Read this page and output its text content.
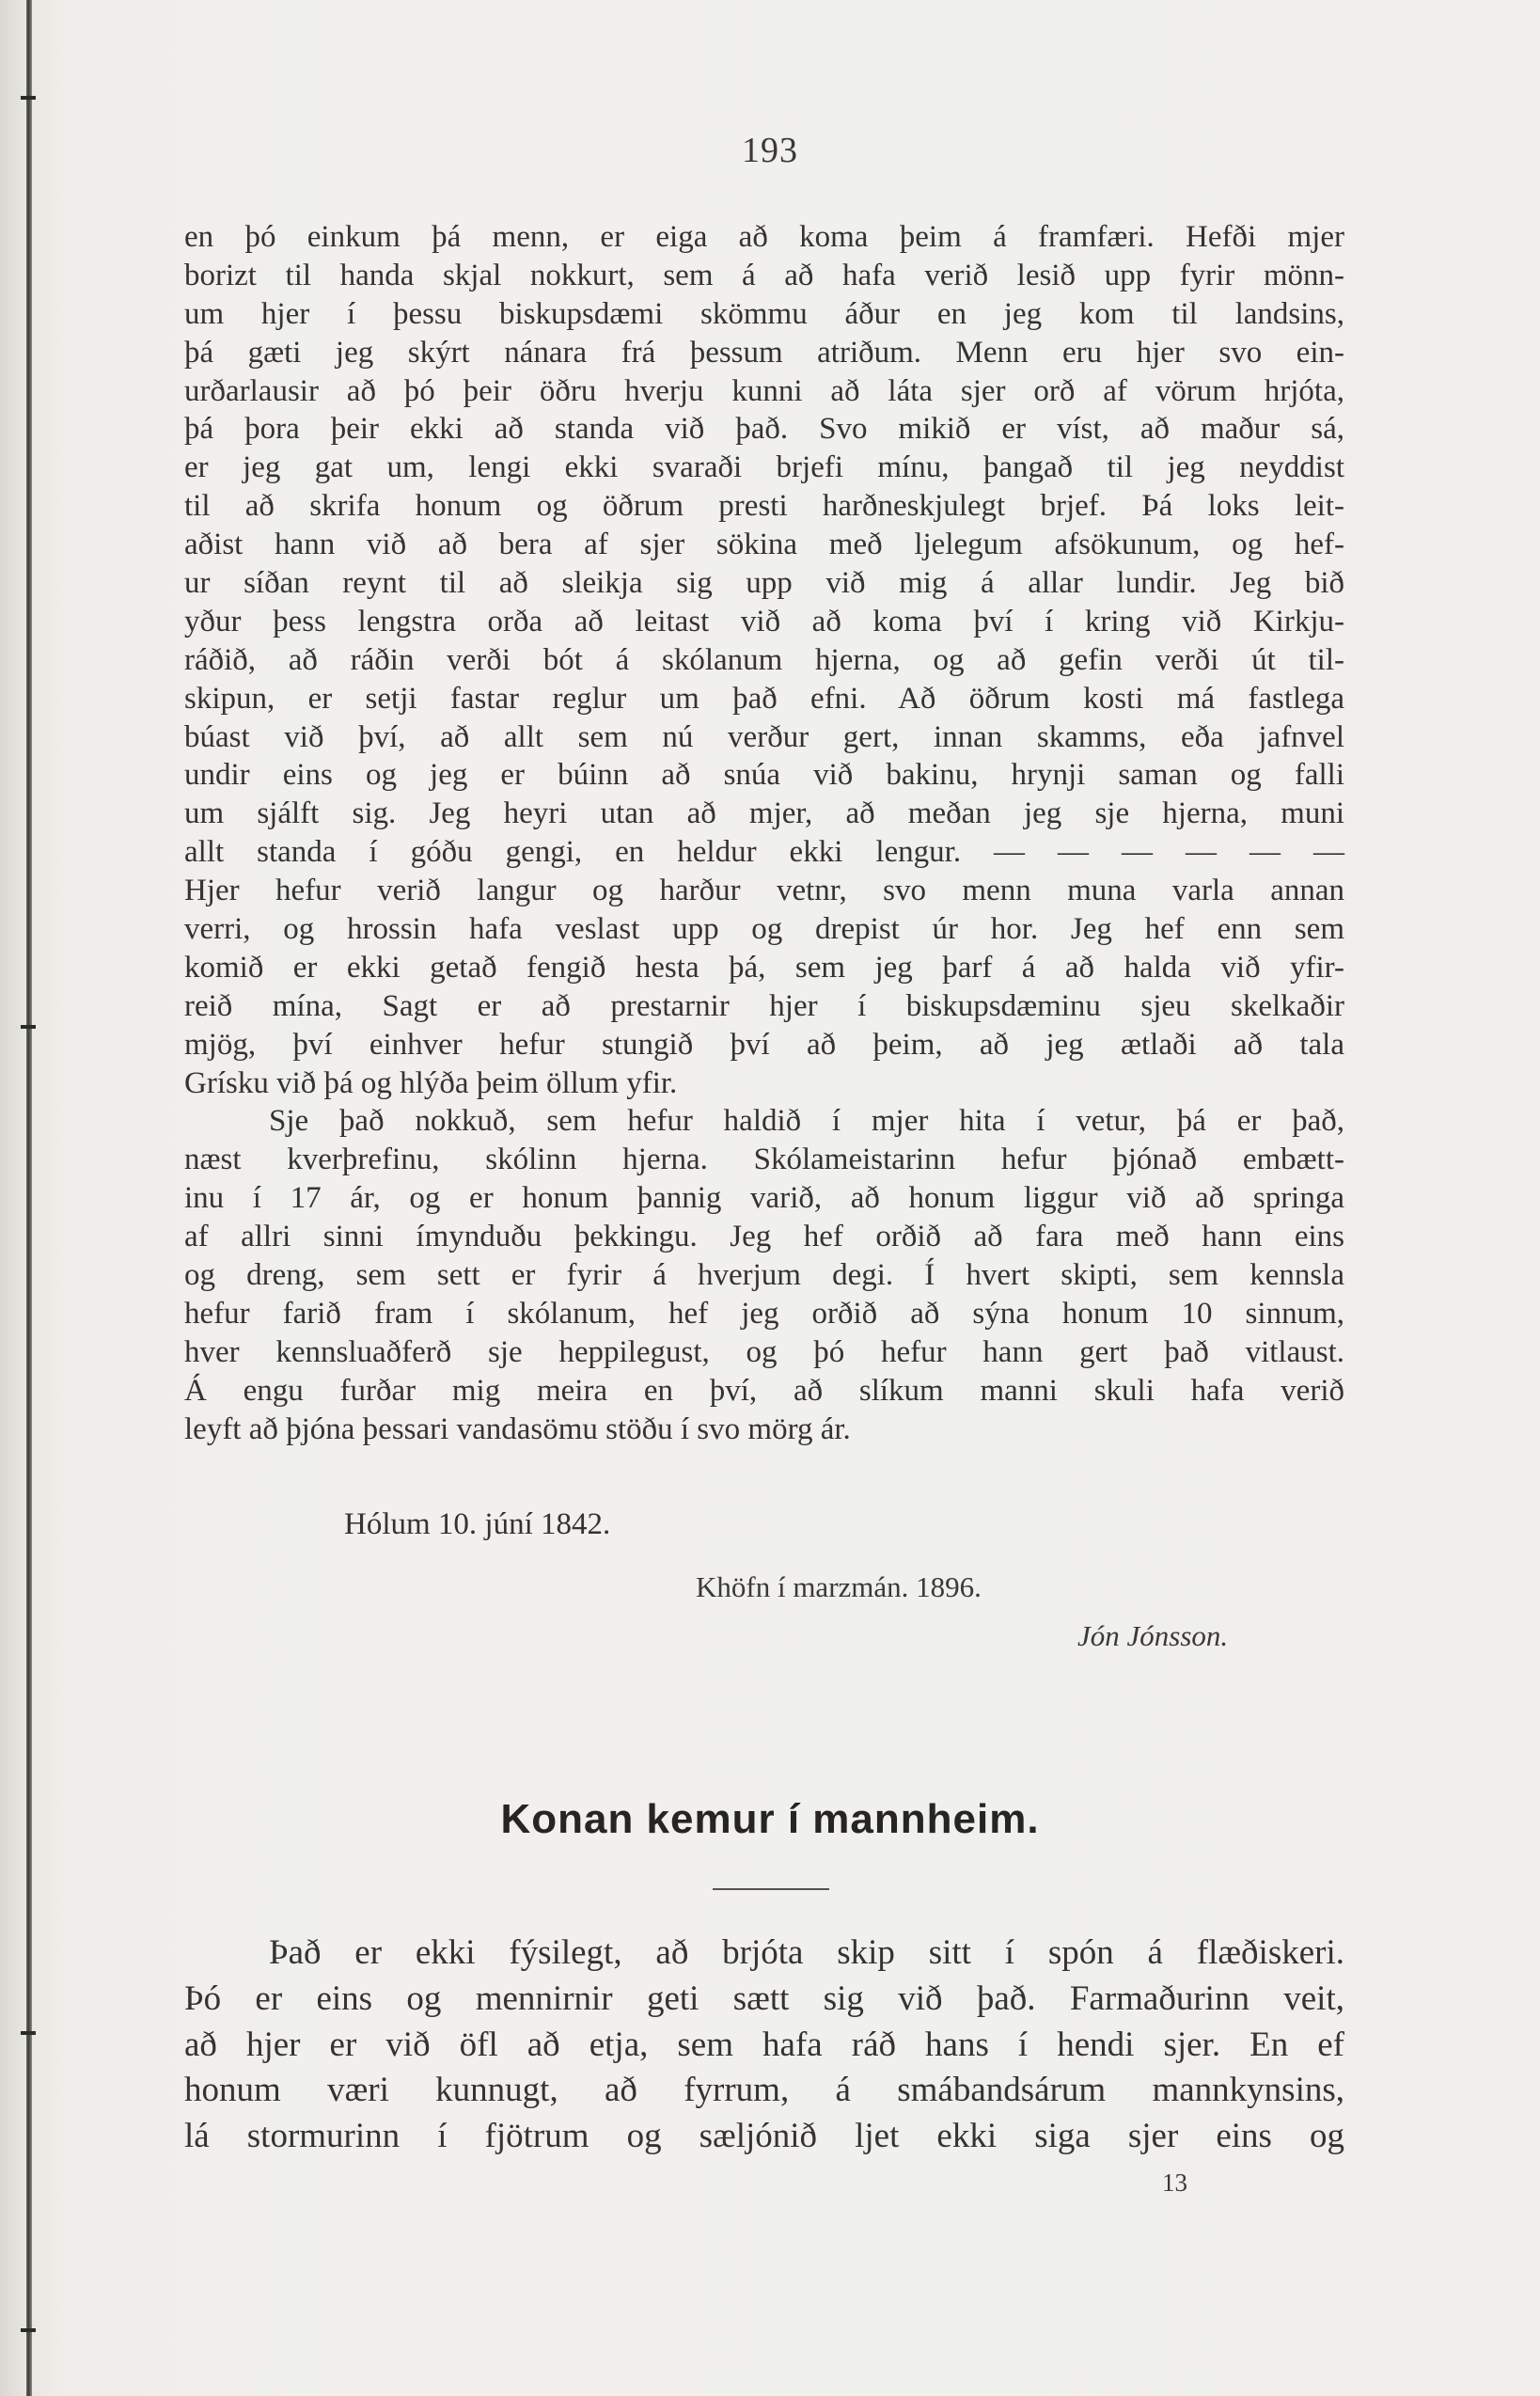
193
en þó einkum þá menn, er eiga að koma þeim á framfæri. Hefði mjer
borizt til handa skjal nokkurt, sem á að hafa verið lesið upp fyrir mönn-
um hjer í þessu biskupsdæmi skömmu áður en jeg kom til landsins,
þá gæti jeg skýrt nánara frá þessum atriðum. Menn eru hjer svo ein-
urðarlausir að þó þeir öðru hverju kunni að láta sjer orð af vörum hrjóta,
þá þora þeir ekki að standa við það. Svo mikið er víst, að maður sá,
er jeg gat um, lengi ekki svaraði brjefi mínu, þangað til jeg neyddist
til að skrifa honum og öðrum presti harðneskjulegt brjef. Þá loks leit-
aðist hann við að bera af sjer sökina með ljelegum afsökunum, og hef-
ur síðan reynt til að sleikja sig upp við mig á allar lundir. Jeg bið
yður þess lengstra orða að leitast við að koma því í kring við Kirkju-
ráðið, að ráðin verði bót á skólanum hjerna, og að gefin verði út til-
skipun, er setji fastar reglur um það efni. Að öðrum kosti má fastlega
búast við því, að allt sem nú verður gert, innan skamms, eða jafnvel
undir eins og jeg er búinn að snúa við bakinu, hrynji saman og falli
um sjálft sig. Jeg heyri utan að mjer, að meðan jeg sje hjerna, muni
allt standa í góðu gengi, en heldur ekki lengur. — — — — — —
Hjer hefur verið langur og harður vetnr, svo menn muna varla annan
verri, og hrossin hafa veslast upp og drepist úr hor. Jeg hef enn sem
komið er ekki getað fengið hesta þá, sem jeg þarf á að halda við yfir-
reið mína, Sagt er að prestarnir hjer í biskupsdæminu sjeu skelkaðir
mjög, því einhver hefur stungið því að þeim, að jeg ætlaði að tala
Grísku við þá og hlýða þeim öllum yfir.
Sje það nokkuð, sem hefur haldið í mjer hita í vetur, þá er það,
næst kverþrefinu, skólinn hjerna. Skólameistarinn hefur þjónað embætt-
inu í 17 ár, og er honum þannig varið, að honum liggur við að springa
af allri sinni ímynduðu þekkingu. Jeg hef orðið að fara með hann eins
og dreng, sem sett er fyrir á hverjum degi. Í hvert skipti, sem kennsla
hefur farið fram í skólanum, hef jeg orðið að sýna honum 10 sinnum,
hver kennsluaðferð sje heppilegust, og þó hefur hann gert það vitlaust.
Á engu furðar mig meira en því, að slíkum manni skuli hafa verið
leyft að þjóna þessari vandasömu stöðu í svo mörg ár.
Hólum 10. júní 1842.
Khöfn í marzmán. 1896.
Jón Jónsson.
Konan kemur í mannheim.
Það er ekki fýsilegt, að brjóta skip sitt í spón á flæðiskeri.
Þó er eins og mennirnir geti sætt sig við það. Farmaðurinn veit,
að hjer er við öfl að etja, sem hafa ráð hans í hendi sjer. En ef
honum væri kunnugt, að fyrrum, á smábandsárum mannkynsins,
lá stormurinn í fjötrum og sæljónið ljet ekki siga sjer eins og
13
